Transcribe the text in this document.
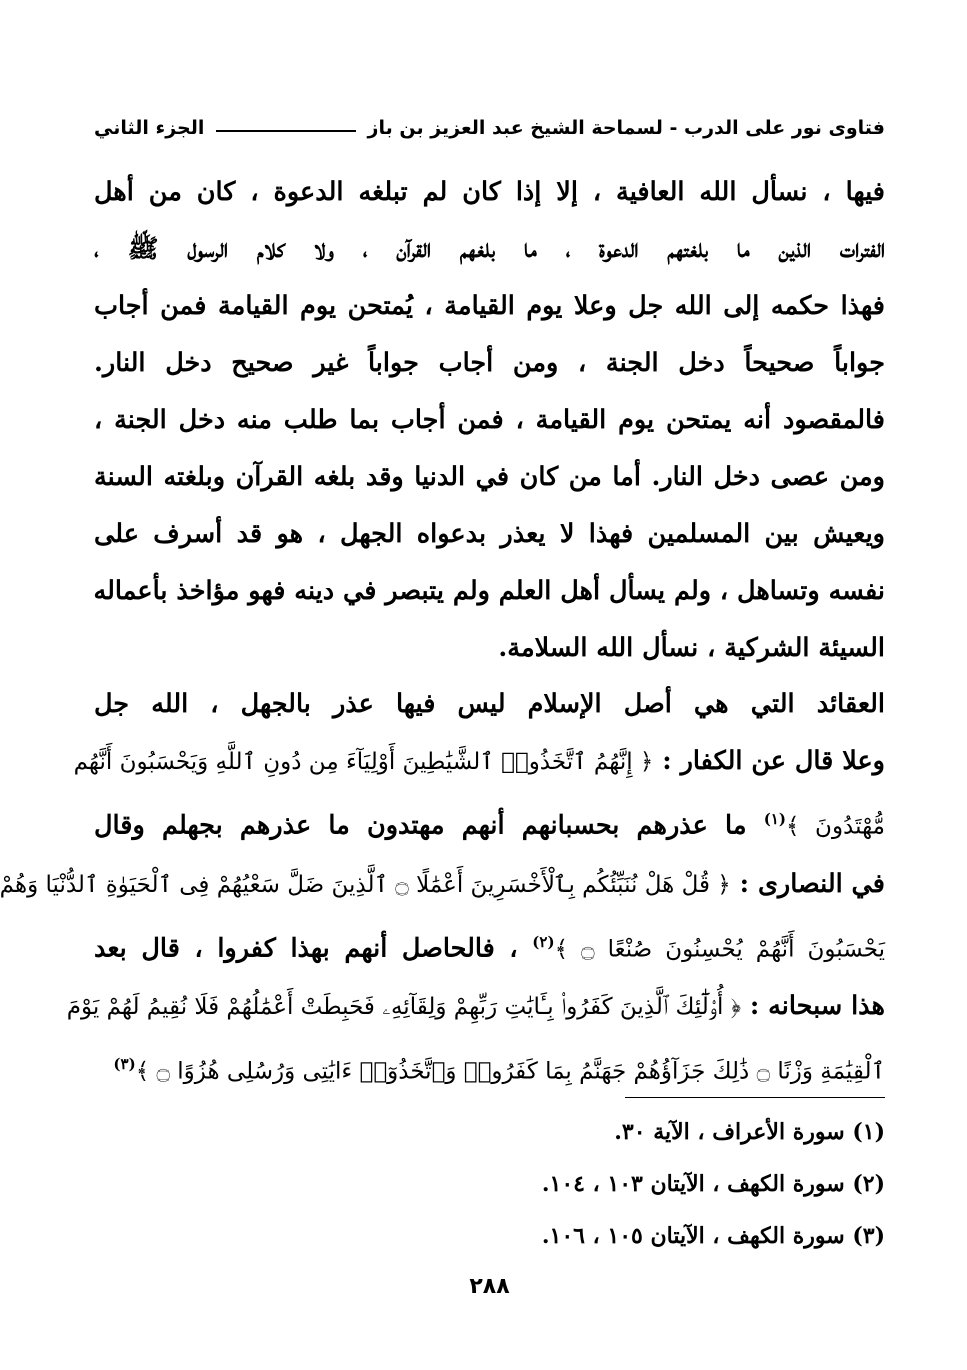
فتاوى نور على الدرب - لسماحة الشيخ عبد العزيز بن باز
الجزء الثاني
فيها ، نسأل الله العافية ، إلا إذا كان لم تبلغه الدعوة ، كان من أهل
الفترات الذين ما بلغتهم الدعوة ، ما بلغهم القرآن ، ولا كلام الرسول ﷺ ،
فهذا حكمه إلى الله جل وعلا يوم القيامة ، يُمتحن يوم القيامة فمن أجاب
جواباً صحيحاً دخل الجنة ، ومن أجاب جواباً غير صحيح دخل النار.
فالمقصود أنه يمتحن يوم القيامة ، فمن أجاب بما طلب منه دخل الجنة ،
ومن عصى دخل النار. أما من كان في الدنيا وقد بلغه القرآن وبلغته السنة
ويعيش بين المسلمين فهذا لا يعذر بدعواه الجهل ، هو قد أسرف على
نفسه وتساهل ، ولم يسأل أهل العلم ولم يتبصر في دينه فهو مؤاخذ بأعماله
السيئة الشركية ، نسأل الله السلامة.
العقائد التي هي أصل الإسلام ليس فيها عذر بالجهل ، الله جل
وعلا قال عن الكفار : ﴿ إِنَّهُمُ ٱتَّخَذُوا۟ ٱلشَّيَٰطِينَ أَوْلِيَآءَ مِن دُونِ ٱللَّهِ وَيَحْسَبُونَ أَنَّهُم
مُّهْتَدُونَ ﴾$^{(١)}$ ما عذرهم بحسبانهم أنهم مهتدون ما عذرهم بجهلم وقال
في النصارى : ﴿ قُلْ هَلْ نُنَبِّئُكُم بِٱلْأَخْسَرِينَ أَعْمَٰلًا ۝ ٱلَّذِينَ ضَلَّ سَعْيُهُمْ فِى ٱلْحَيَوٰةِ ٱلدُّنْيَا وَهُمْ
يَحْسَبُونَ أَنَّهُمْ يُحْسِنُونَ صُنْعًا ۝ ﴾$^{(٢)}$ ، فالحاصل أنهم بهذا كفروا ، قال بعد
هذا سبحانه : ﴿ أُو۟لَٰٓئِكَ ٱلَّذِينَ كَفَرُوا۟ بِـَٔايَٰتِ رَبِّهِمْ وَلِقَآئِهِۦ فَحَبِطَتْ أَعْمَٰلُهُمْ فَلَا نُقِيمُ لَهُمْ يَوْمَ
ٱلْقِيَٰمَةِ وَزْنًا ۝ ذَٰلِكَ جَزَآؤُهُمْ جَهَنَّمُ بِمَا كَفَرُوا۟ وَٱتَّخَذُوٓا۟ ءَايَٰتِى وَرُسُلِى هُزُوًا ۝ ﴾$^{(٣)}$
(١) سورة الأعراف ، الآية ٣٠.
(٢) سورة الكهف ، الآيتان ١٠٣ ، ١٠٤.
(٣) سورة الكهف ، الآيتان ١٠٥ ، ١٠٦.
٢٨٨
